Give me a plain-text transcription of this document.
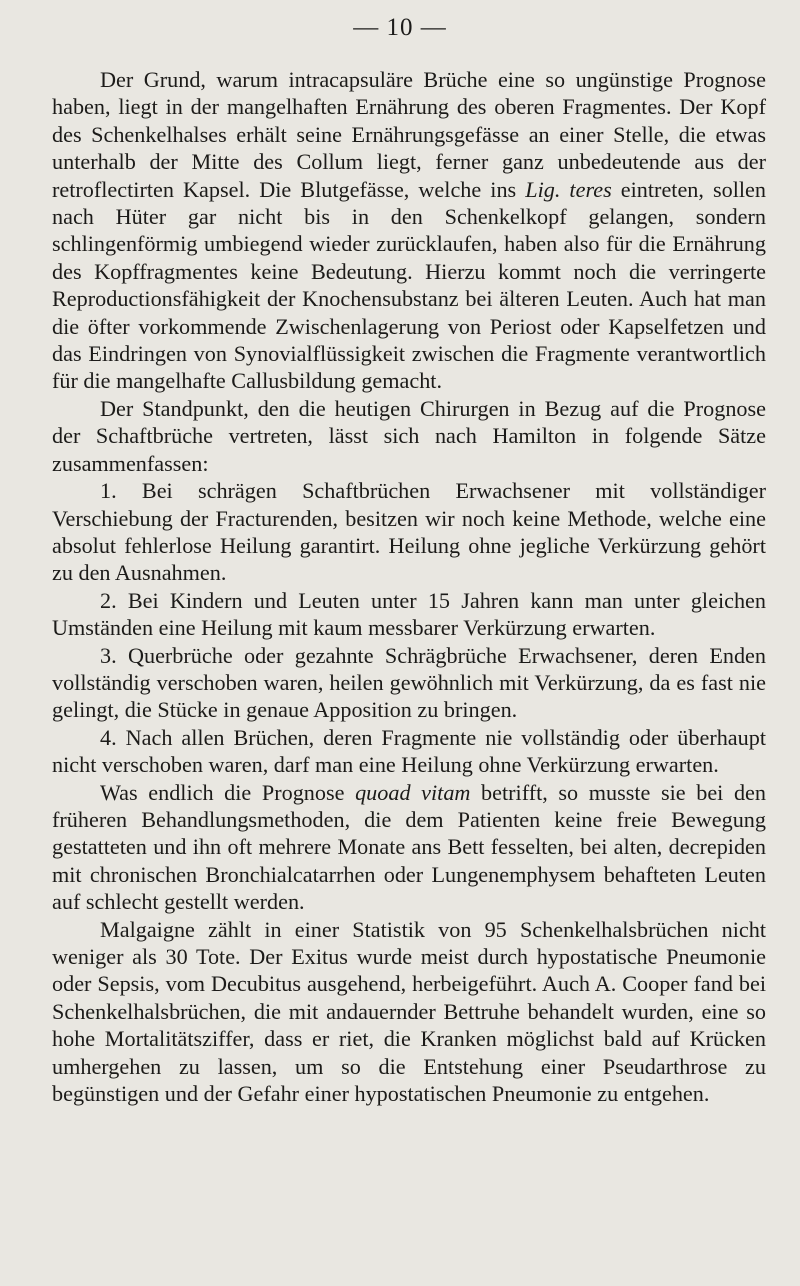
— 10 —

Der Grund, warum intracapsuläre Brüche eine so ungünstige Prognose haben, liegt in der mangelhaften Ernährung des oberen Fragmentes. Der Kopf des Schenkelhalses erhält seine Ernährungsgefässe an einer Stelle, die etwas unterhalb der Mitte des Collum liegt, ferner ganz unbedeutende aus der retroflectirten Kapsel. Die Blutgefässe, welche ins Lig. teres eintreten, sollen nach Hüter gar nicht bis in den Schenkelkopf gelangen, sondern schlingenförmig umbiegend wieder zurücklaufen, haben also für die Ernährung des Kopffragmentes keine Bedeutung. Hierzu kommt noch die verringerte Reproductionsfähigkeit der Knochensubstanz bei älteren Leuten. Auch hat man die öfter vorkommende Zwischenlagerung von Periost oder Kapselfetzen und das Eindringen von Synovialflüssigkeit zwischen die Fragmente verantwortlich für die mangelhafte Callusbildung gemacht.

Der Standpunkt, den die heutigen Chirurgen in Bezug auf die Prognose der Schaftbrüche vertreten, lässt sich nach Hamilton in folgende Sätze zusammenfassen:

1. Bei schrägen Schaftbrüchen Erwachsener mit vollständiger Verschiebung der Fracturenden, besitzen wir noch keine Methode, welche eine absolut fehlerlose Heilung garantirt. Heilung ohne jegliche Verkürzung gehört zu den Ausnahmen.

2. Bei Kindern und Leuten unter 15 Jahren kann man unter gleichen Umständen eine Heilung mit kaum messbarer Verkürzung erwarten.

3. Querbrüche oder gezahnte Schrägbrüche Erwachsener, deren Enden vollständig verschoben waren, heilen gewöhnlich mit Verkürzung, da es fast nie gelingt, die Stücke in genaue Apposition zu bringen.

4. Nach allen Brüchen, deren Fragmente nie vollständig oder überhaupt nicht verschoben waren, darf man eine Heilung ohne Verkürzung erwarten.

Was endlich die Prognose quoad vitam betrifft, so musste sie bei den früheren Behandlungsmethoden, die dem Patienten keine freie Bewegung gestatteten und ihn oft mehrere Monate ans Bett fesselten, bei alten, decrepiden mit chronischen Bronchialcatarrhen oder Lungenemphysem behafteten Leuten auf schlecht gestellt werden.

Malgaigne zählt in einer Statistik von 95 Schenkelhalsbrüchen nicht weniger als 30 Tote. Der Exitus wurde meist durch hypostatische Pneumonie oder Sepsis, vom Decubitus ausgehend, herbeigeführt. Auch A. Cooper fand bei Schenkelhalsbrüchen, die mit andauernder Bettruhe behandelt wurden, eine so hohe Mortalitätsziffer, dass er riet, die Kranken möglichst bald auf Krücken umhergehen zu lassen, um so die Entstehung einer Pseudarthrose zu begünstigen und der Gefahr einer hypostatischen Pneumonie zu entgehen.
